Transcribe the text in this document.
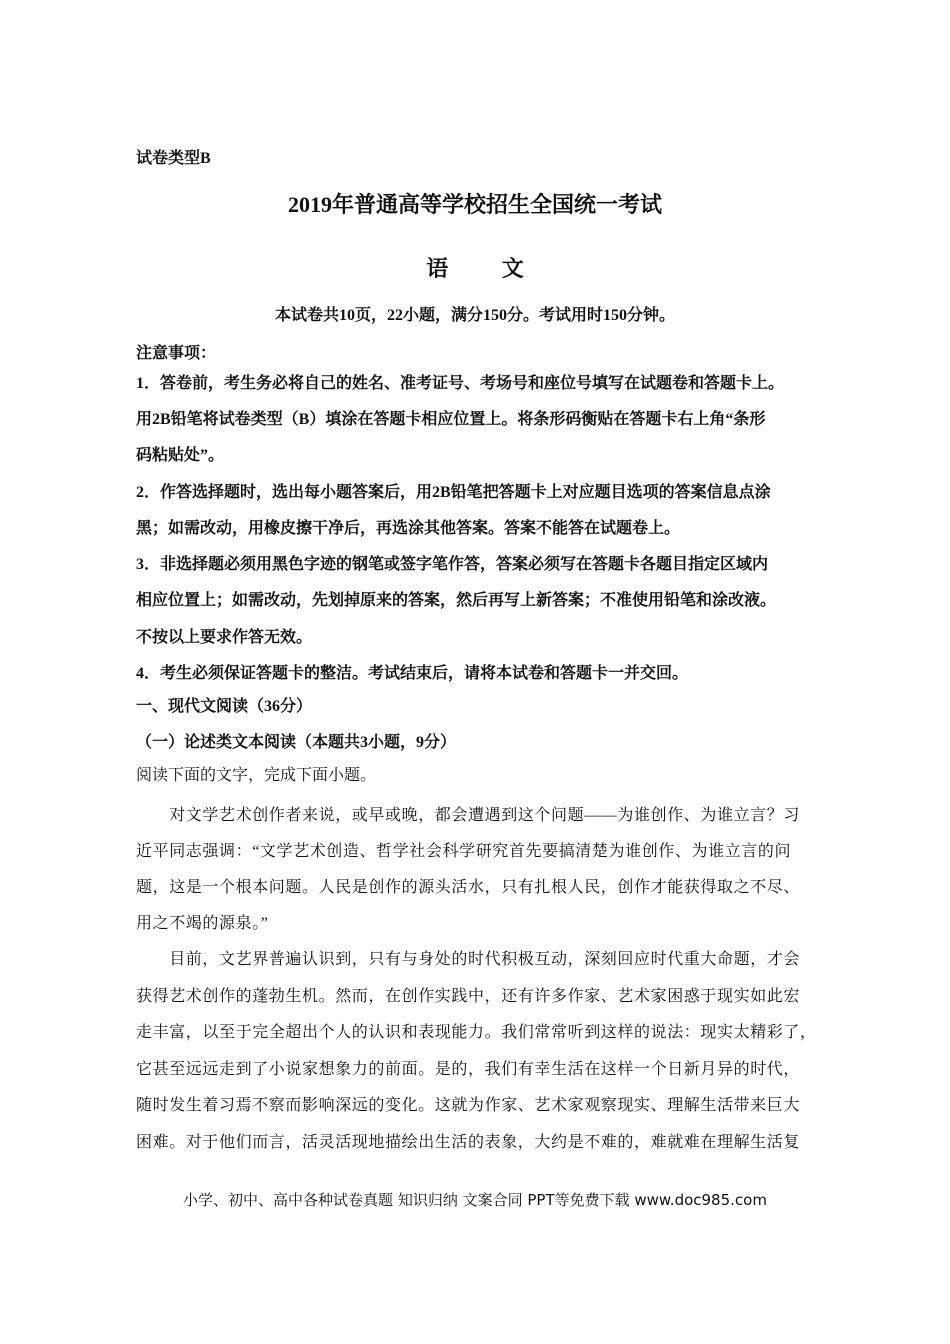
试卷类型B
2019年普通高等学校招生全国统一考试
语 文
本试卷共10页，22小题，满分150分。考试用时150分钟。
注意事项：
1．答卷前，考生务必将自己的姓名、准考证号、考场号和座位号填写在试题卷和答题卡上。
用2B铅笔将试卷类型（B）填涂在答题卡相应位置上。将条形码衡贴在答题卡右上角“条形
码粘贴处”。
2．作答选择题时，选出每小题答案后，用2B铅笔把答题卡上对应题目选项的答案信息点涂
黑；如需改动，用橡皮擦干净后，再选涂其他答案。答案不能答在试题卷上。
3．非选择题必须用黑色字迹的钢笔或签字笔作答，答案必须写在答题卡各题目指定区域内
相应位置上；如需改动，先划掉原来的答案，然后再写上新答案；不准使用铅笔和涂改液。
不按以上要求作答无效。
4．考生必须保证答题卡的整洁。考试结束后，请将本试卷和答题卡一并交回。
一、现代文阅读（36分）
（一）论述类文本阅读（本题共3小题，9分）
阅读下面的文字，完成下面小题。
　　对文学艺术创作者来说，或早或晚，都会遭遇到这个问题——为谁创作、为谁立言？习
近平同志强调：“文学艺术创造、哲学社会科学研究首先要搞清楚为谁创作、为谁立言的问
题，这是一个根本问题。人民是创作的源头活水，只有扎根人民，创作才能获得取之不尽、
用之不竭的源泉。”
　　目前，文艺界普遍认识到，只有与身处的时代积极互动，深刻回应时代重大命题，才会
获得艺术创作的蓬勃生机。然而，在创作实践中，还有许多作家、艺术家困惑于现实如此宏
走丰富，以至于完全超出个人的认识和表现能力。我们常常听到这样的说法：现实太精彩了，
它甚至远远走到了小说家想象力的前面。是的，我们有幸生活在这样一个日新月异的时代，
随时发生着习焉不察而影响深远的变化。这就为作家、艺术家观察现实、理解生活带来巨大
困难。对于他们而言，活灵活现地描绘出生活的表象，大约是不难的，难就难在理解生活复
小学、初中、高中各种试卷真题 知识归纳 文案合同 PPT等免费下载 www.doc985.com
